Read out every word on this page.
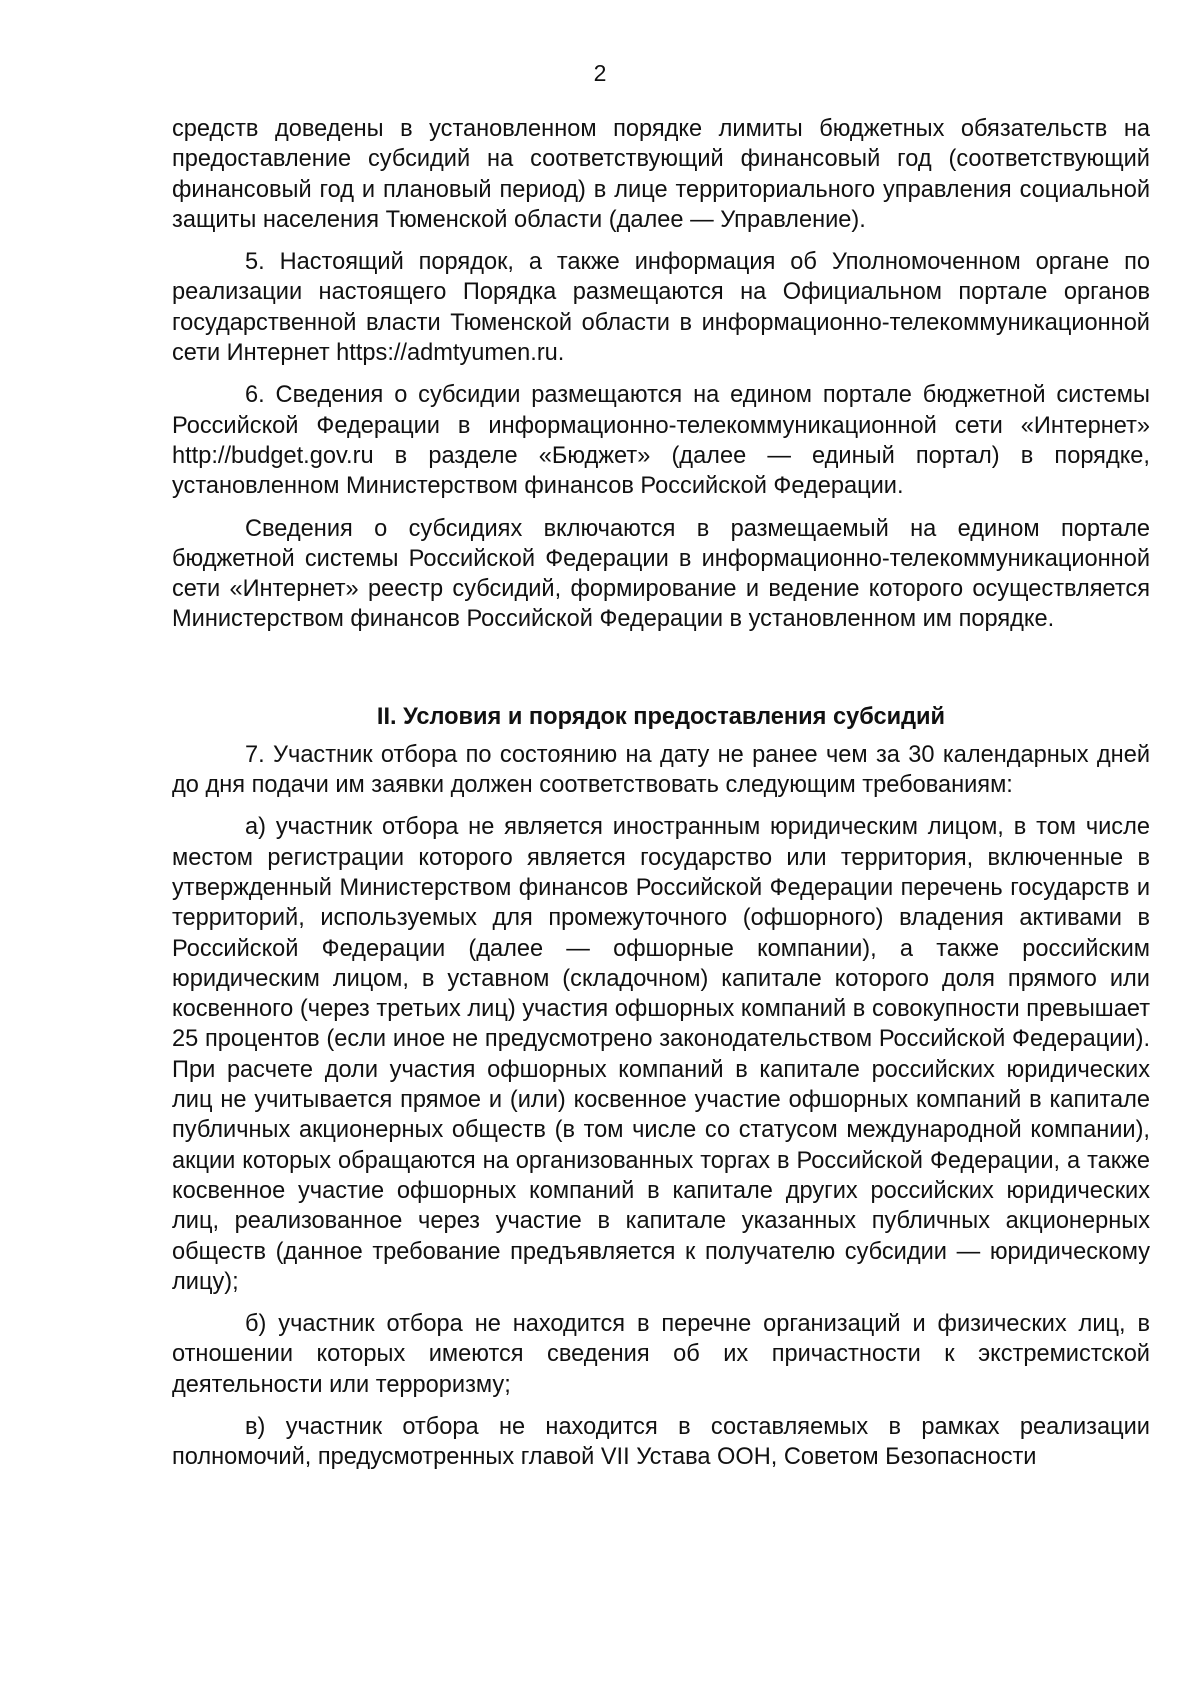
2

средств доведены в установленном порядке лимиты бюджетных обязательств на предоставление субсидий на соответствующий финансовый год (соответствующий финансовый год и плановый период) в лице территориального управления социальной защиты населения Тюменской области (далее — Управление).

5. Настоящий порядок, а также информация об Уполномоченном органе по реализации настоящего Порядка размещаются на Официальном портале органов государственной власти Тюменской области в информационно-телекоммуникационной сети Интернет https://admtyumen.ru.

6. Сведения о субсидии размещаются на едином портале бюджетной системы Российской Федерации в информационно-телекоммуникационной сети «Интернет» http://budget.gov.ru в разделе «Бюджет» (далее — единый портал) в порядке, установленном Министерством финансов Российской Федерации.

Сведения о субсидиях включаются в размещаемый на едином портале бюджетной системы Российской Федерации в информационно-телекоммуникационной сети «Интернет» реестр субсидий, формирование и ведение которого осуществляется Министерством финансов Российской Федерации в установленном им порядке.

II. Условия и порядок предоставления субсидий

7. Участник отбора по состоянию на дату не ранее чем за 30 календарных дней до дня подачи им заявки должен соответствовать следующим требованиям:

а) участник отбора не является иностранным юридическим лицом, в том числе местом регистрации которого является государство или территория, включенные в утвержденный Министерством финансов Российской Федерации перечень государств и территорий, используемых для промежуточного (офшорного) владения активами в Российской Федерации (далее — офшорные компании), а также российским юридическим лицом, в уставном (складочном) капитале которого доля прямого или косвенного (через третьих лиц) участия офшорных компаний в совокупности превышает 25 процентов (если иное не предусмотрено законодательством Российской Федерации). При расчете доли участия офшорных компаний в капитале российских юридических лиц не учитывается прямое и (или) косвенное участие офшорных компаний в капитале публичных акционерных обществ (в том числе со статусом международной компании), акции которых обращаются на организованных торгах в Российской Федерации, а также косвенное участие офшорных компаний в капитале других российских юридических лиц, реализованное через участие в капитале указанных публичных акционерных обществ (данное требование предъявляется к получателю субсидии — юридическому лицу);

б) участник отбора не находится в перечне организаций и физических лиц, в отношении которых имеются сведения об их причастности к экстремистской деятельности или терроризму;

в) участник отбора не находится в составляемых в рамках реализации полномочий, предусмотренных главой VII Устава ООН, Советом Безопасности
